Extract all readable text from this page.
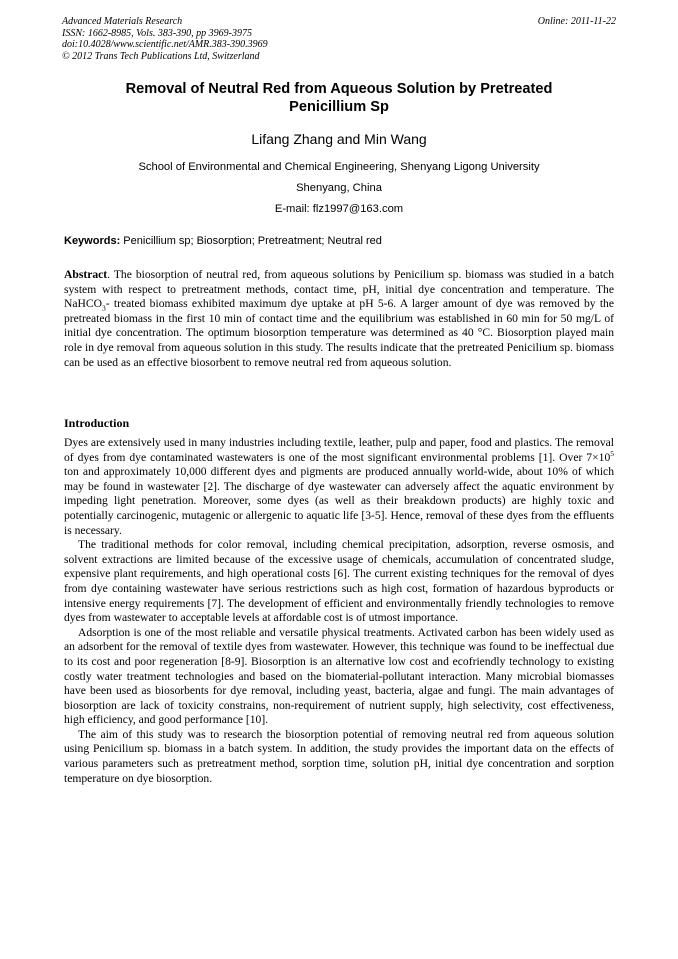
Advanced Materials Research
ISSN: 1662-8985, Vols. 383-390, pp 3969-3975
doi:10.4028/www.scientific.net/AMR.383-390.3969
© 2012 Trans Tech Publications Ltd, Switzerland
Online: 2011-11-22
Removal of Neutral Red from Aqueous Solution by Pretreated
Penicillium Sp
Lifang Zhang and Min Wang
School of Environmental and Chemical Engineering, Shenyang Ligong University
Shenyang, China
E-mail: flz1997@163.com
Keywords: Penicillium sp; Biosorption; Pretreatment; Neutral red

Abstract. The biosorption of neutral red, from aqueous solutions by Penicilium sp. biomass was studied in a batch system with respect to pretreatment methods, contact time, pH, initial dye concentration and temperature. The NaHCO$_3$- treated biomass exhibited maximum dye uptake at pH 5-6. A larger amount of dye was removed by the pretreated biomass in the first 10 min of contact time and the equilibrium was established in 60 min for 50 mg/L of initial dye concentration. The optimum biosorption temperature was determined as 40 °C. Biosorption played main role in dye removal from aqueous solution in this study. The results indicate that the pretreated Penicilium sp. biomass can be used as an effective biosorbent to remove neutral red from aqueous solution.

Introduction

Dyes are extensively used in many industries including textile, leather, pulp and paper, food and plastics. The removal of dyes from dye contaminated wastewaters is one of the most significant environmental problems [1]. Over $7\times 10^5$ ton and approximately 10,000 different dyes and pigments are produced annually world-wide, about 10% of which may be found in wastewater [2]. The discharge of dye wastewater can adversely affect the aquatic environment by impeding light penetration. Moreover, some dyes (as well as their breakdown products) are highly toxic and potentially carcinogenic, mutagenic or allergenic to aquatic life [3-5]. Hence, removal of these dyes from the effluents is necessary.

The traditional methods for color removal, including chemical precipitation, adsorption, reverse osmosis, and solvent extractions are limited because of the excessive usage of chemicals, accumulation of concentrated sludge, expensive plant requirements, and high operational costs [6]. The current existing techniques for the removal of dyes from dye containing wastewater have serious restrictions such as high cost, formation of hazardous byproducts or intensive energy requirements [7]. The development of efficient and environmentally friendly technologies to remove dyes from wastewater to acceptable levels at affordable cost is of utmost importance.

Adsorption is one of the most reliable and versatile physical treatments. Activated carbon has been widely used as an adsorbent for the removal of textile dyes from wastewater. However, this technique was found to be ineffectual due to its cost and poor regeneration [8-9]. Biosorption is an alternative low cost and ecofriendly technology to existing costly water treatment technologies and based on the biomaterial-pollutant interaction. Many microbial biomasses have been used as biosorbents for dye removal, including yeast, bacteria, algae and fungi. The main advantages of biosorption are lack of toxicity constrains, non-requirement of nutrient supply, high selectivity, cost effectiveness, high efficiency, and good performance [10].

The aim of this study was to research the biosorption potential of removing neutral red from aqueous solution using Penicilium sp. biomass in a batch system. In addition, the study provides the important data on the effects of various parameters such as pretreatment method, sorption time, solution pH, initial dye concentration and sorption temperature on dye biosorption.
